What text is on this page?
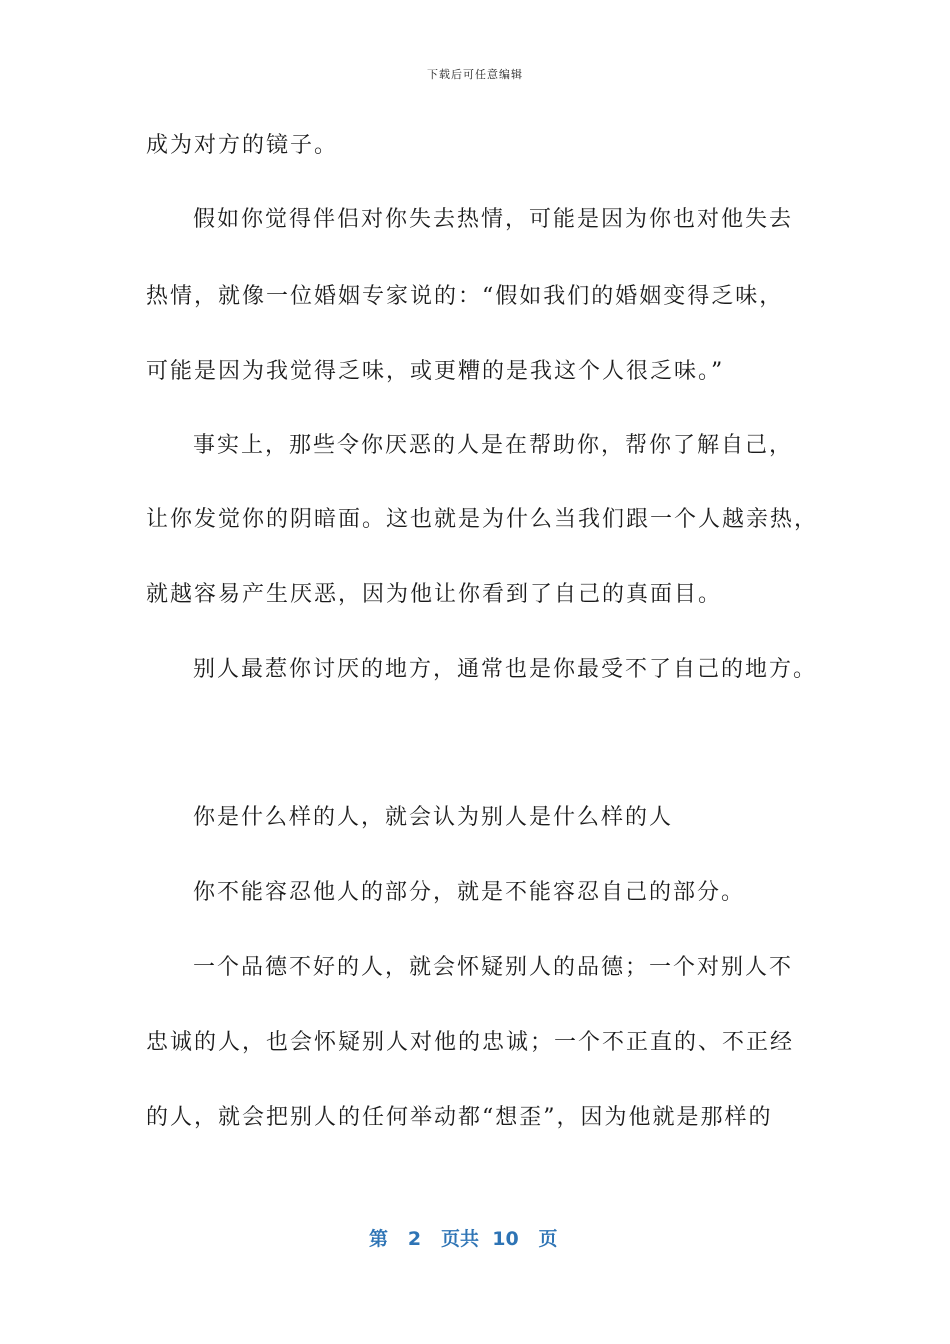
下载后可任意编辑
成为对方的镜子。
假如你觉得伴侣对你失去热情，可能是因为你也对他失去
热情，就像一位婚姻专家说的：“假如我们的婚姻变得乏味，
可能是因为我觉得乏味，或更糟的是我这个人很乏味。”
事实上，那些令你厌恶的人是在帮助你，帮你了解自己，
让你发觉你的阴暗面。这也就是为什么当我们跟一个人越亲热，
就越容易产生厌恶，因为他让你看到了自己的真面目。
别人最惹你讨厌的地方，通常也是你最受不了自己的地方。
你是什么样的人，就会认为别人是什么样的人
你不能容忍他人的部分，就是不能容忍自己的部分。
一个品德不好的人，就会怀疑别人的品德；一个对别人不
忠诚的人，也会怀疑别人对他的忠诚；一个不正直的、不正经
的人，就会把别人的任何举动都“想歪”，因为他就是那样的
第 2 页共 10 页
